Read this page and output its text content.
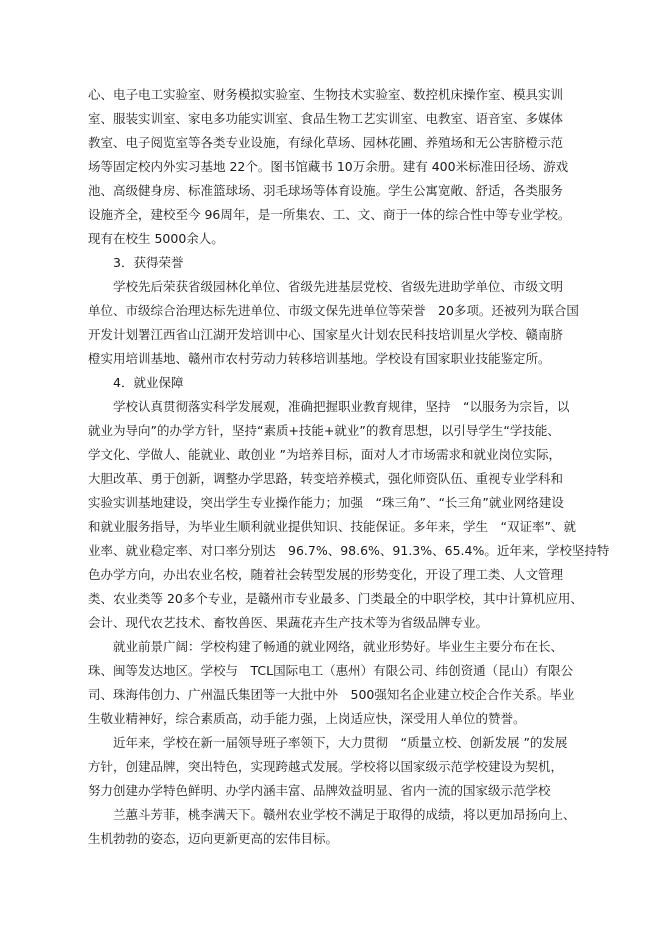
心、电子电工实验室、财务模拟实验室、生物技术实验室、数控机床操作室、模具实训

室、服装实训室、家电多功能实训室、食品生物工艺实训室、电教室、语音室、多媒体

教室、电子阅览室等各类专业设施，有绿化草场、园林花圃、养殖场和无公害脐橙示范

场等固定校内外实习基地 22个。图书馆藏书 10万余册。建有 400米标准田径场、游戏

池、高级健身房、标准篮球场、羽毛球场等体育设施。学生公寓宽敞、舒适，各类服务

设施齐全，建校至今 96周年，是一所集农、工、文、商于一体的综合性中等专业学校。

现有在校生 5000余人。

3．获得荣誉

学校先后荣获省级园林化单位、省级先进基层党校、省级先进助学单位、市级文明

单位、市级综合治理达标先进单位、市级文保先进单位等荣誉　20多项。还被列为联合国

开发计划署江西省山江湖开发培训中心、国家星火计划农民科技培训星火学校、赣南脐

橙实用培训基地、赣州市农村劳动力转移培训基地。学校设有国家职业技能鉴定所。

4．就业保障

学校认真贯彻落实科学发展观，准确把握职业教育规律，坚持　“以服务为宗旨，以

就业为导向”的办学方针，坚持“素质+技能+就业”的教育思想，以引导学生“学技能、

学文化、学做人、能就业、敢创业 ”为培养目标，面对人才市场需求和就业岗位实际，

大胆改革、勇于创新，调整办学思路，转变培养模式，强化师资队伍、重视专业学科和

实验实训基地建设，突出学生专业操作能力；加强　“珠三角”、“长三角”就业网络建设

和就业服务指导，为毕业生顺利就业提供知识、技能保证。多年来，学生　“双证率”、就

业率、就业稳定率、对口率分别达　96.7%、98.6%、91.3%、65.4%。近年来，学校坚持特

色办学方向，办出农业名校，随着社会转型发展的形势变化，开设了理工类、人文管理

类、农业类等 20多个专业，是赣州市专业最多、门类最全的中职学校，其中计算机应用、

会计、现代农艺技术、畜牧兽医、果蔬花卉生产技术等为省级品牌专业。

就业前景广阔：学校构建了畅通的就业网络，就业形势好。毕业生主要分布在长、

珠、闽等发达地区。学校与　TCL国际电工（惠州）有限公司、纬创资通（昆山）有限公

司、珠海伟创力、广州温氏集团等一大批中外　500强知名企业建立校企合作关系。毕业

生敬业精神好，综合素质高，动手能力强，上岗适应快，深受用人单位的赞誉。

近年来，学校在新一届领导班子率领下，大力贯彻　“质量立校、创新发展 ”的发展

方针，创建品牌，突出特色，实现跨越式发展。学校将以国家级示范学校建设为契机，

努力创建办学特色鲜明、办学内涵丰富、品牌效益明显、省内一流的国家级示范学校

兰蕙斗芳菲，桃李满天下。赣州农业学校不满足于取得的成绩，将以更加昂扬向上、

生机勃勃的姿态，迈向更新更高的宏伟目标。
